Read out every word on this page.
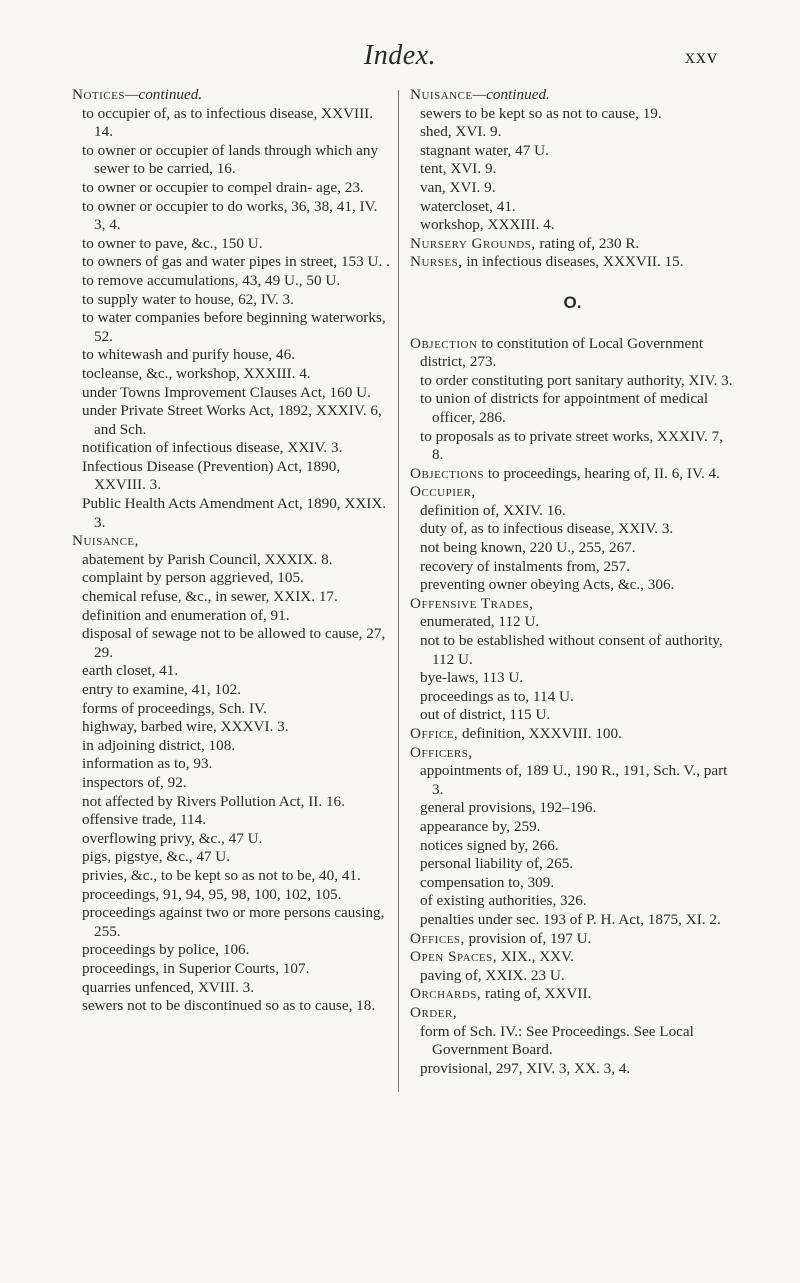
Index.	xxv
Notices—continued.
to occupier of, as to infectious disease, XXVIII. 14.
to owner or occupier of lands through which any sewer to be carried, 16.
to owner or occupier to compel drain- age, 23.
to owner or occupier to do works, 36, 38, 41, IV. 3, 4.
to owner to pave, &c., 150 U.
to owners of gas and water pipes in street, 153 U. .
to remove accumulations, 43, 49 U., 50 U.
to supply water to house, 62, IV. 3.
to water companies before beginning waterworks, 52.
to whitewash and purify house, 46.
tocleanse, &c., workshop, XXXIII. 4.
under Towns Improvement Clauses Act, 160 U.
under Private Street Works Act, 1892, XXXIV. 6, and Sch.
notification of infectious disease, XXIV. 3.
Infectious Disease (Prevention) Act, 1890, XXVIII. 3.
Public Health Acts Amendment Act, 1890, XXIX. 3.
Nuisance,
abatement by Parish Council, XXXIX. 8.
complaint by person aggrieved, 105.
chemical refuse, &c., in sewer, XXIX. 17.
definition and enumeration of, 91.
disposal of sewage not to be allowed to cause, 27, 29.
earth closet, 41.
entry to examine, 41, 102.
forms of proceedings, Sch. IV.
highway, barbed wire, XXXVI. 3.
in adjoining district, 108.
information as to, 93.
inspectors of, 92.
not affected by Rivers Pollution Act, II. 16.
offensive trade, 114.
overflowing privy, &c., 47 U.
pigs, pigstye, &c., 47 U.
privies, &c., to be kept so as not to be, 40, 41.
proceedings, 91, 94, 95, 98, 100, 102, 105.
proceedings against two or more persons causing, 255.
proceedings by police, 106.
proceedings, in Superior Courts, 107.
quarries unfenced, XVIII. 3.
sewers not to be discontinued so as to cause, 18.
Nuisance—continued.
sewers to be kept so as not to cause, 19.
shed, XVI. 9.
stagnant water, 47 U.
tent, XVI. 9.
van, XVI. 9.
watercloset, 41.
workshop, XXXIII. 4.
Nursery Grounds, rating of, 230 R.
Nurses, in infectious diseases, XXXVII. 15.
O.
Objection to constitution of Local Government district, 273.
to order constituting port sanitary authority, XIV. 3.
to union of districts for appointment of medical officer, 286.
to proposals as to private street works, XXXIV. 7, 8.
Objections to proceedings, hearing of, II. 6, IV. 4.
Occupier,
definition of, XXIV. 16.
duty of, as to infectious disease, XXIV. 3.
not being known, 220 U., 255, 267.
recovery of instalments from, 257.
preventing owner obeying Acts, &c., 306.
Offensive Trades,
enumerated, 112 U.
not to be established without consent of authority, 112 U.
bye-laws, 113 U.
proceedings as to, 114 U.
out of district, 115 U.
Office, definition, XXXVIII. 100.
Officers,
appointments of, 189 U., 190 R., 191, Sch. V., part 3.
general provisions, 192–196.
appearance by, 259.
notices signed by, 266.
personal liability of, 265.
compensation to, 309.
of existing authorities, 326.
penalties under sec. 193 of P. H. Act, 1875, XI. 2.
Offices, provision of, 197 U.
Open Spaces, XIX., XXV.
paving of, XXIX. 23 U.
Orchards, rating of, XXVII.
Order,
form of Sch. IV.: See Proceedings. See Local Government Board.
provisional, 297, XIV. 3, XX. 3, 4.
